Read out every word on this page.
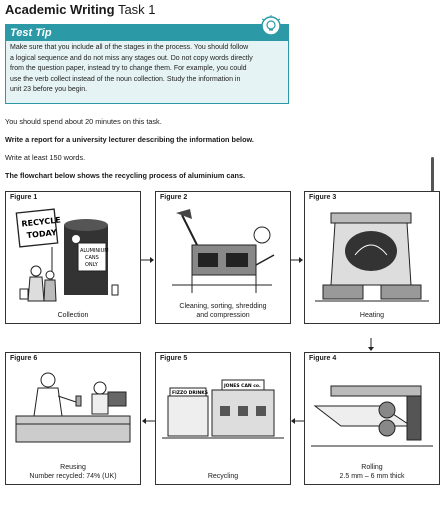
Academic Writing Task 1
Test Tip
Make sure that you include all of the stages in the process. You should follow
a logical sequence and do not miss any stages out. Do not copy words directly
from the question paper, instead try to change them. For example, you could
use the verb collect instead of the noun collection. Study the information in
unit 23 before you begin.
You should spend about 20 minutes on this task.
Write a report for a university lecturer describing the information below.
Write at least 150 words.
The flowchart below shows the recycling process of aluminium cans.
Figure 1
RECYCLE
TODAY
ALUMINIUM
CANS
ONLY
Collection
Figure 2
Cleaning, sorting, shredding
and compression
Figure 3
Heating
Figure 6
Reusing
Number recycled: 74% (UK)
Figure 5
FIZZO DRINKS
JONES CAN co.
Recycling
Figure 4
Rolling
2.5 mm – 6 mm thick
